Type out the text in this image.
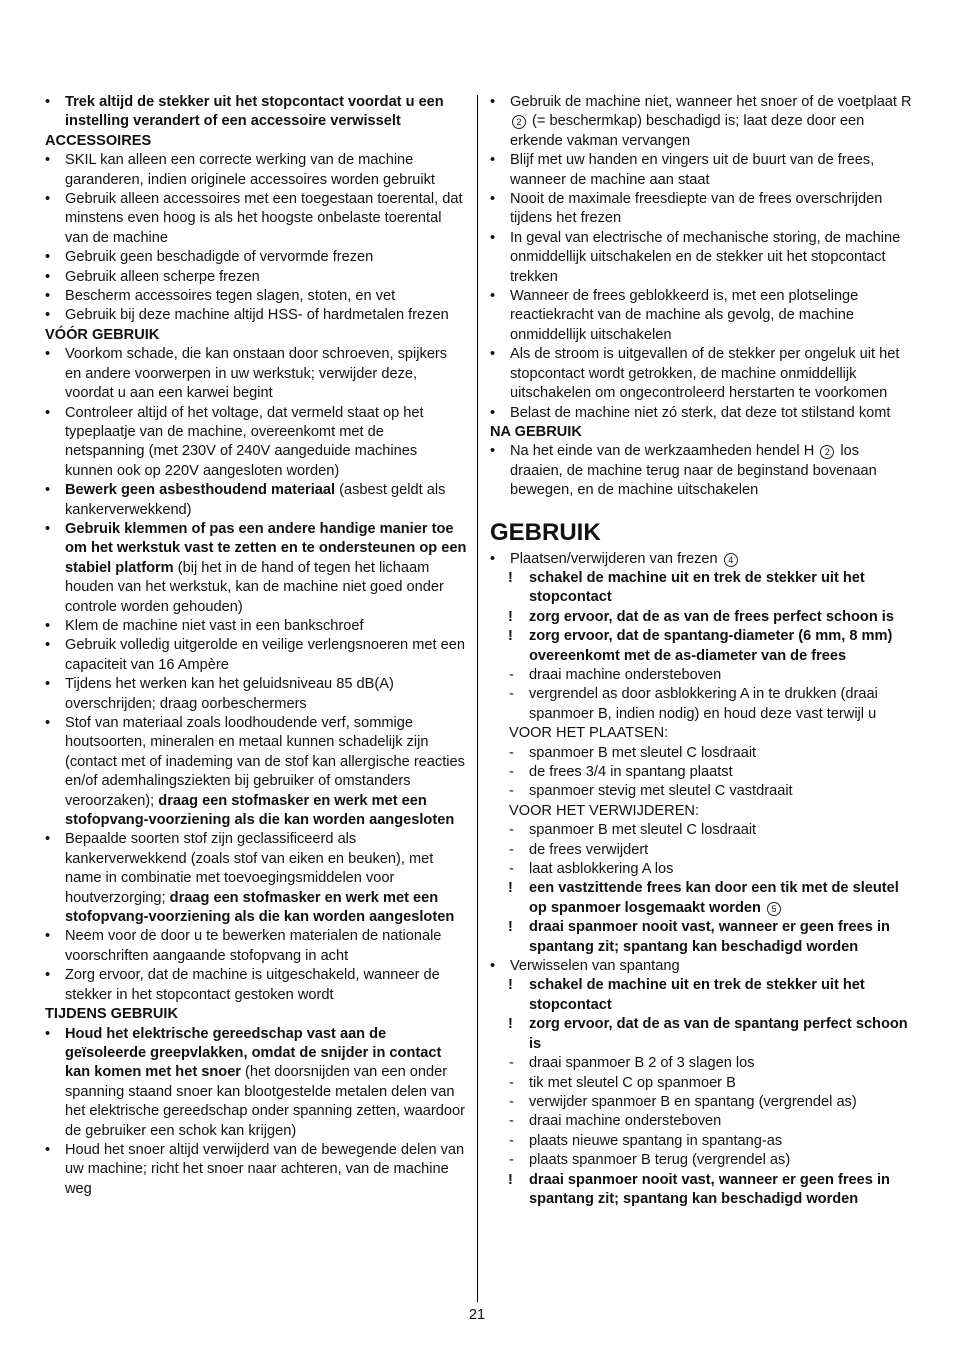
• Trek altijd de stekker uit het stopcontact voordat u een instelling verandert of een accessoire verwisselt
ACCESSOIRES
• SKIL kan alleen een correcte werking van de machine garanderen, indien originele accessoires worden gebruikt
• Gebruik alleen accessoires met een toegestaan toerental, dat minstens even hoog is als het hoogste onbelaste toerental van de machine
• Gebruik geen beschadigde of vervormde frezen
• Gebruik alleen scherpe frezen
• Bescherm accessoires tegen slagen, stoten, en vet
• Gebruik bij deze machine altijd HSS- of hardmetalen frezen
VÓÓR GEBRUIK
• Voorkom schade, die kan onstaan door schroeven, spijkers en andere voorwerpen in uw werkstuk; verwijder deze, voordat u aan een karwei begint
• Controleer altijd of het voltage, dat vermeld staat op het typeplaatje van de machine, overeenkomt met de netspanning (met 230V of 240V aangeduide machines kunnen ook op 220V aangesloten worden)
• Bewerk geen asbesthoudend materiaal (asbest geldt als kankerverwekkend)
• Gebruik klemmen of pas een andere handige manier toe om het werkstuk vast te zetten en te ondersteunen op een stabiel platform (bij het in de hand of tegen het lichaam houden van het werkstuk, kan de machine niet goed onder controle worden gehouden)
• Klem de machine niet vast in een bankschroef
• Gebruik volledig uitgerolde en veilige verlengsnoeren met een capaciteit van 16 Ampère
• Tijdens het werken kan het geluidsniveau 85 dB(A) overschrijden; draag oorbeschermers
• Stof van materiaal zoals loodhoudende verf, sommige houtsoorten, mineralen en metaal kunnen schadelijk zijn (contact met of inademing van de stof kan allergische reacties en/of ademhalingsziekten bij gebruiker of omstanders veroorzaken); draag een stofmasker en werk met een stofopvang-voorziening als die kan worden aangesloten
• Bepaalde soorten stof zijn geclassificeerd als kankerverwekkend (zoals stof van eiken en beuken), met name in combinatie met toevoegingsmiddelen voor houtverzorging; draag een stofmasker en werk met een stofopvang-voorziening als die kan worden aangesloten
• Neem voor de door u te bewerken materialen de nationale voorschriften aangaande stofopvang in acht
• Zorg ervoor, dat de machine is uitgeschakeld, wanneer de stekker in het stopcontact gestoken wordt
TIJDENS GEBRUIK
• Houd het elektrische gereedschap vast aan de geïsoleerde greepvlakken, omdat de snijder in contact kan komen met het snoer (het doorsnijden van een onder spanning staand snoer kan blootgestelde metalen delen van het elektrische gereedschap onder spanning zetten, waardoor de gebruiker een schok kan krijgen)
• Houd het snoer altijd verwijderd van de bewegende delen van uw machine; richt het snoer naar achteren, van de machine weg
• Gebruik de machine niet, wanneer het snoer of de voetplaat R 2 (= beschermkap) beschadigd is; laat deze door een erkende vakman vervangen
• Blijf met uw handen en vingers uit de buurt van de frees, wanneer de machine aan staat
• Nooit de maximale freesdiepte van de frees overschrijden tijdens het frezen
• In geval van electrische of mechanische storing, de machine onmiddellijk uitschakelen en de stekker uit het stopcontact trekken
• Wanneer de frees geblokkeerd is, met een plotselinge reactiekracht van de machine als gevolg, de machine onmiddellijk uitschakelen
• Als de stroom is uitgevallen of de stekker per ongeluk uit het stopcontact wordt getrokken, de machine onmiddellijk uitschakelen om ongecontroleerd herstarten te voorkomen
• Belast de machine niet zó sterk, dat deze tot stilstand komt
NA GEBRUIK
• Na het einde van de werkzaamheden hendel H 2 los draaien, de machine terug naar de beginstand bovenaan bewegen, en de machine uitschakelen
GEBRUIK
• Plaatsen/verwijderen van frezen 4
! schakel de machine uit en trek de stekker uit het stopcontact
! zorg ervoor, dat de as van de frees perfect schoon is
! zorg ervoor, dat de spantang-diameter (6 mm, 8 mm) overeenkomt met de as-diameter van de frees
- draai machine ondersteboven
- vergrendel as door asblokkering A in te drukken (draai spanmoer B, indien nodig) en houd deze vast terwijl u
VOOR HET PLAATSEN:
- spanmoer B met sleutel C losdraait
- de frees 3/4 in spantang plaatst
- spanmoer stevig met sleutel C vastdraait
VOOR HET VERWIJDEREN:
- spanmoer B met sleutel C losdraait
- de frees verwijdert
- laat asblokkering A los
! een vastzittende frees kan door een tik met de sleutel op spanmoer losgemaakt worden 5
! draai spanmoer nooit vast, wanneer er geen frees in spantang zit; spantang kan beschadigd worden
• Verwisselen van spantang
! schakel de machine uit en trek de stekker uit het stopcontact
! zorg ervoor, dat de as van de spantang perfect schoon is
- draai spanmoer B 2 of 3 slagen los
- tik met sleutel C op spanmoer B
- verwijder spanmoer B en spantang (vergrendel as)
- draai machine ondersteboven
- plaats nieuwe spantang in spantang-as
- plaats spanmoer B terug (vergrendel as)
! draai spanmoer nooit vast, wanneer er geen frees in spantang zit; spantang kan beschadigd worden
21
